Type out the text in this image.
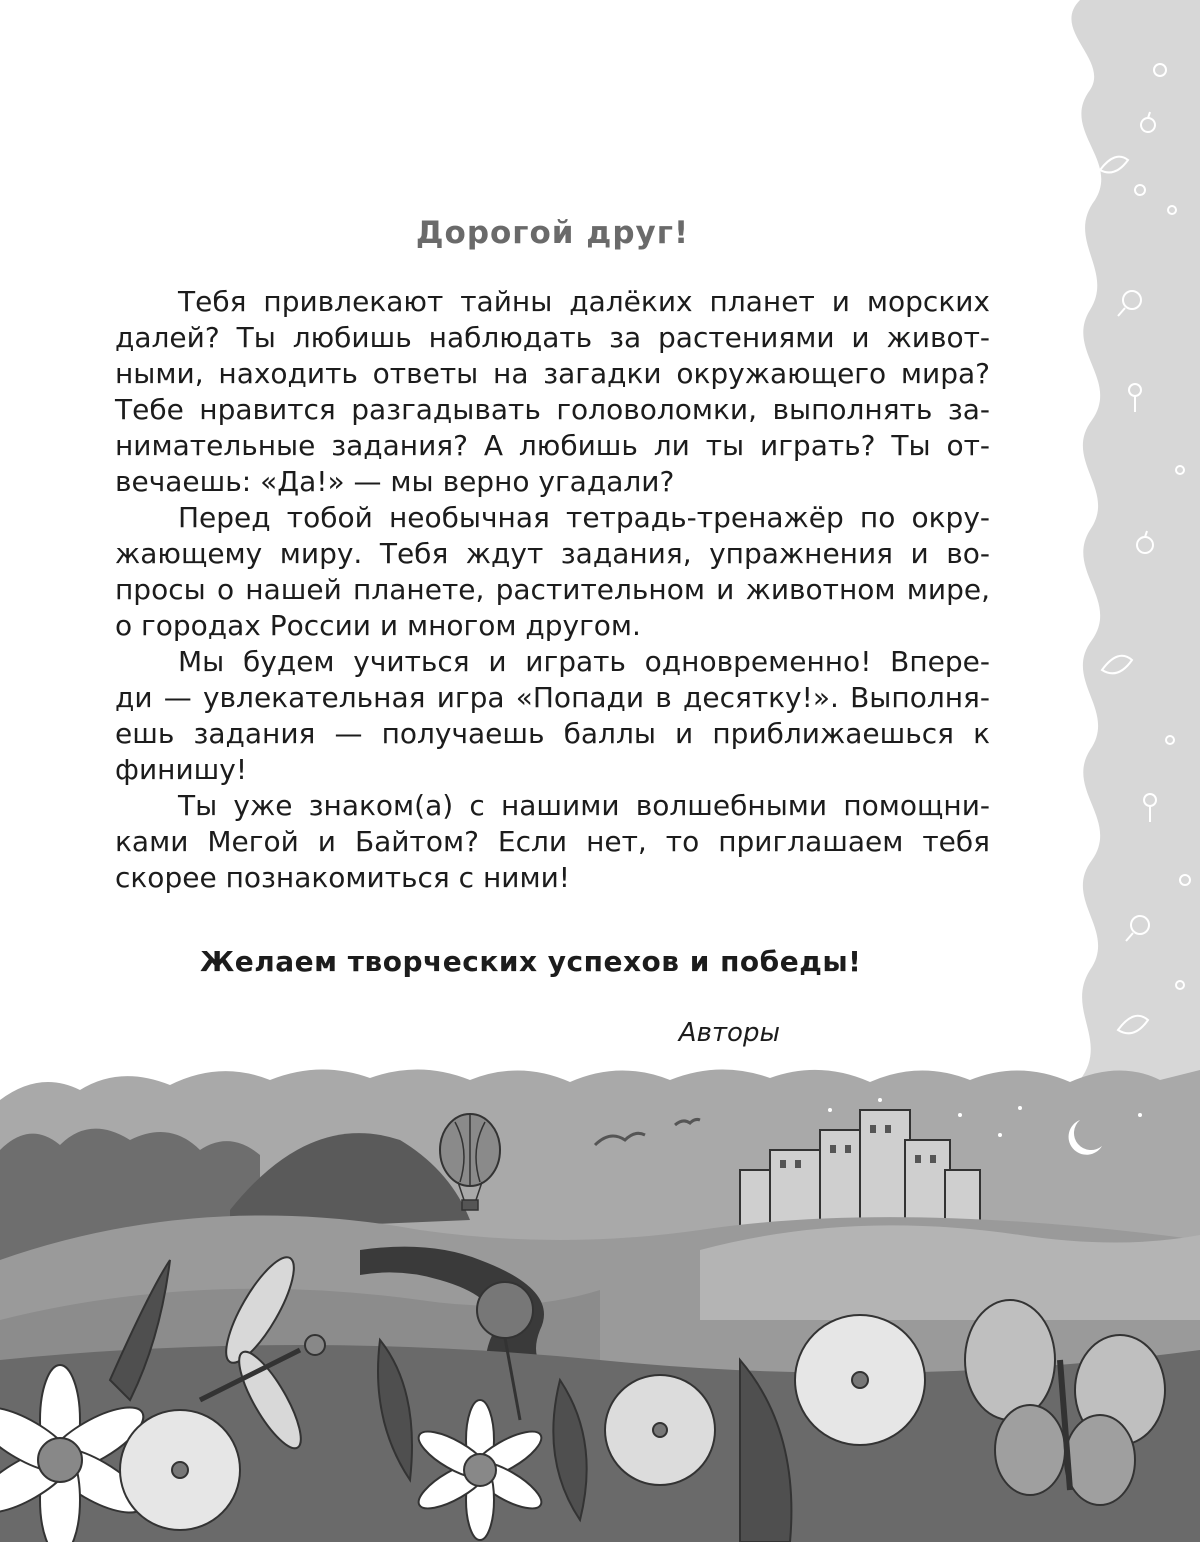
Дорогой друг!

Тебя привлекают тайны далёких планет и морских
далей? Ты любишь наблюдать за растениями и живот-
ными, находить ответы на загадки окружающего мира?
Тебе нравится разгадывать головоломки, выполнять за-
нимательные задания? А любишь ли ты играть? Ты от-
вечаешь: «Да!» — мы верно угадали?

Перед тобой необычная тетрадь-тренажёр по окру-
жающему миру. Тебя ждут задания, упражнения и во-
просы о нашей планете, растительном и животном мире,
о городах России и многом другом.

Мы будем учиться и играть одновременно! Впере-
ди — увлекательная игра «Попади в десятку!». Выполня-
ешь задания — получаешь баллы и приближаешься к
финишу!

Ты уже знаком(а) с нашими волшебными помощни-
ками Мегой и Байтом? Если нет, то приглашаем тебя
скорее познакомиться с ними!

Желаем творческих успехов и победы!
Авторы
